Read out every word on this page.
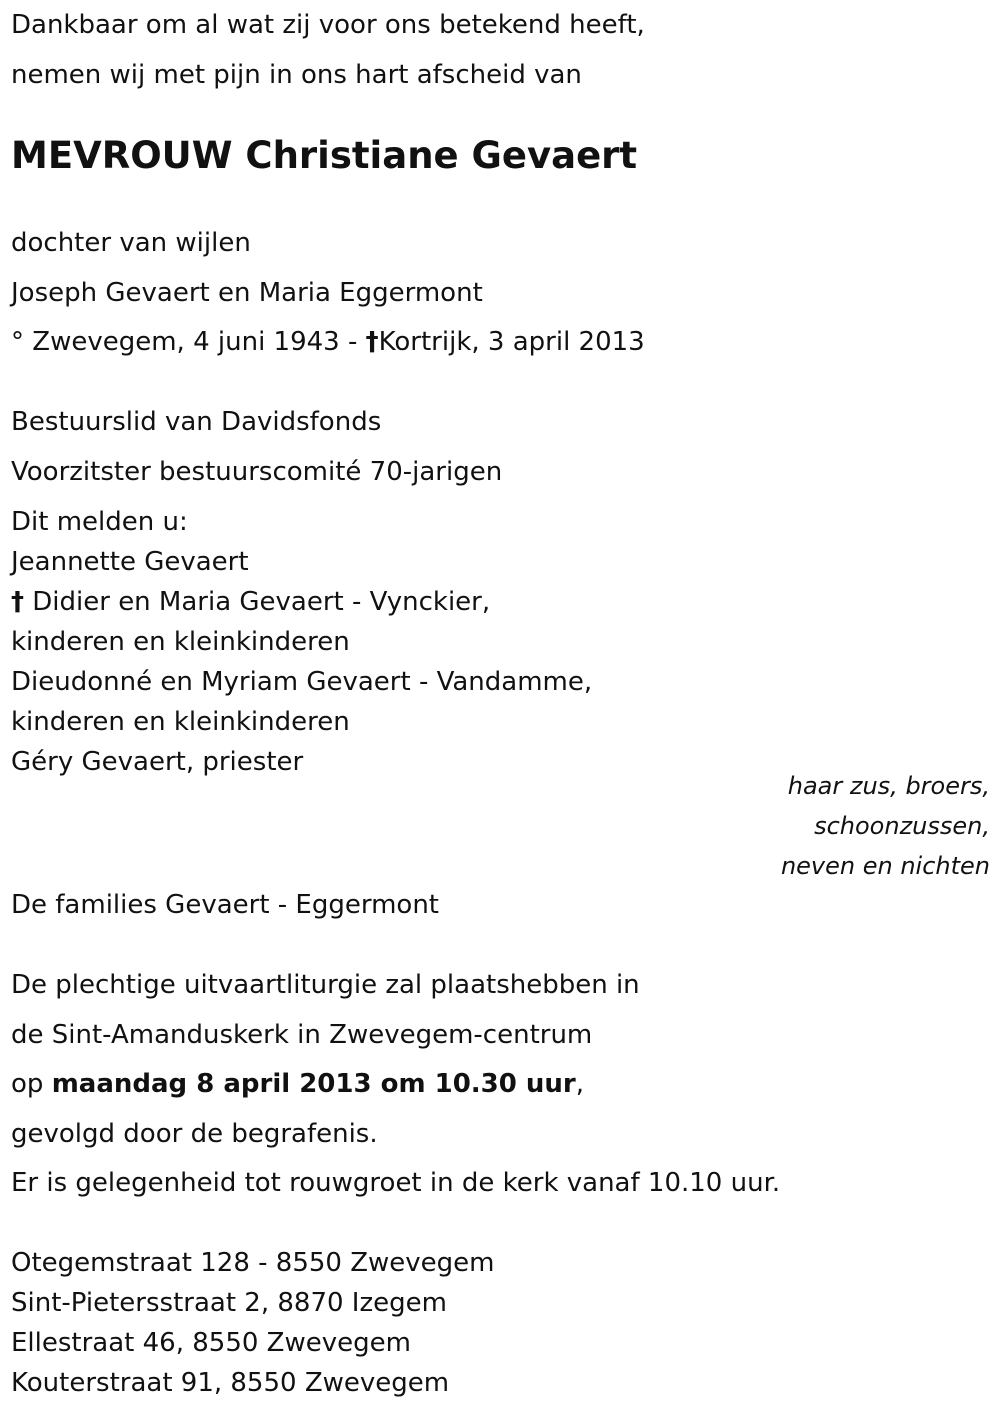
Dankbaar om al wat zij voor ons betekend heeft,
nemen wij met pijn in ons hart afscheid van
MEVROUW Christiane Gevaert
dochter van wijlen
Joseph Gevaert en Maria Eggermont
° Zwevegem, 4 juni 1943 - †Kortrijk, 3 april 2013
Bestuurslid van Davidsfonds
Voorzitster bestuurscomité 70-jarigen
Dit melden u:
Jeannette Gevaert
† Didier en Maria Gevaert - Vynckier,
kinderen en kleinkinderen
Dieudonné en Myriam Gevaert - Vandamme,
kinderen en kleinkinderen
Géry Gevaert, priester
haar zus, broers,
schoonzussen,
neven en nichten
De families Gevaert - Eggermont
De plechtige uitvaartliturgie zal plaatshebben in
de Sint-Amanduskerk in Zwevegem-centrum
op maandag 8 april 2013 om 10.30 uur,
gevolgd door de begrafenis.
Er is gelegenheid tot rouwgroet in de kerk vanaf 10.10 uur.
Otegemstraat 128 - 8550 Zwevegem
Sint-Pietersstraat 2, 8870 Izegem
Ellestraat 46, 8550 Zwevegem
Kouterstraat 91, 8550 Zwevegem
